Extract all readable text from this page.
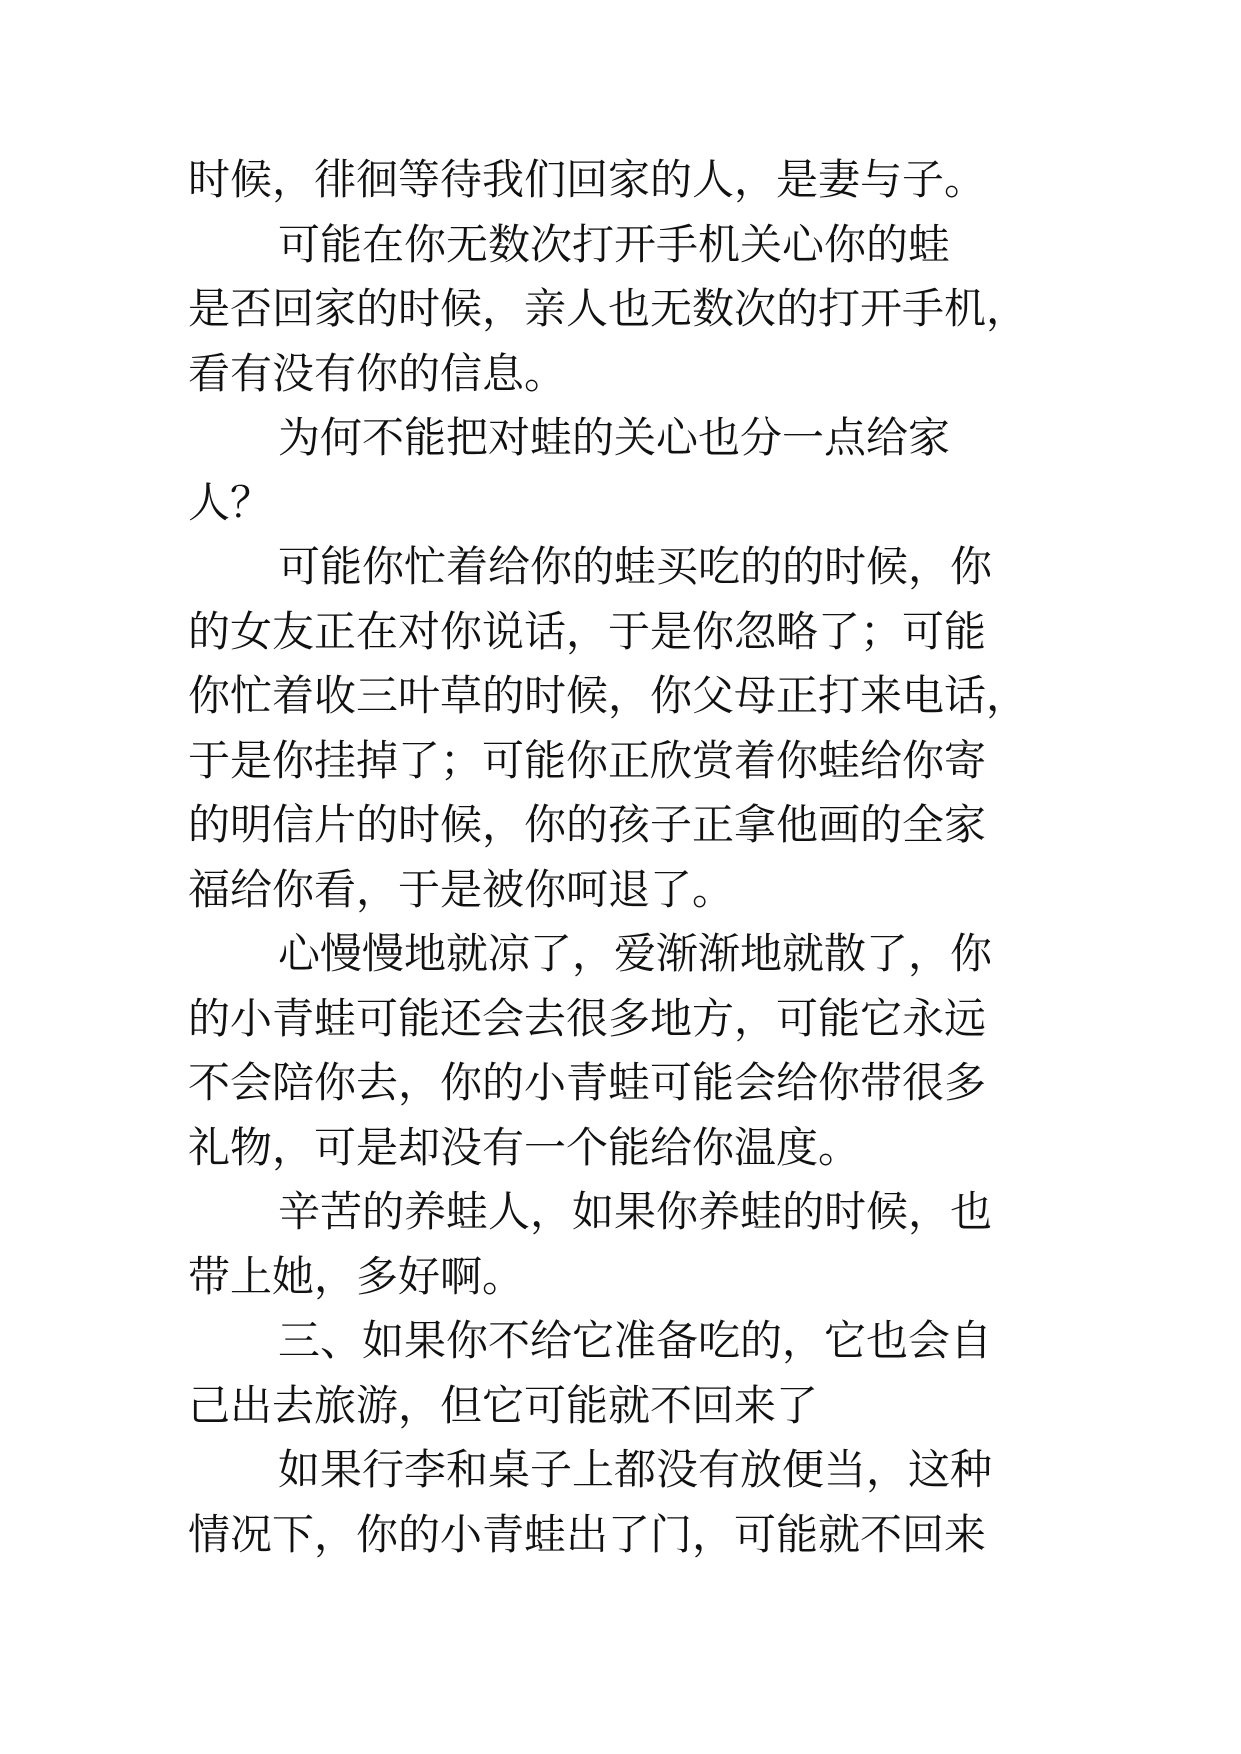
时候，徘徊等待我们回家的人，是妻与子。
可能在你无数次打开手机关心你的蛙
是否回家的时候，亲人也无数次的打开手机，
看有没有你的信息。
为何不能把对蛙的关心也分一点给家
人？
可能你忙着给你的蛙买吃的的时候，你
的女友正在对你说话，于是你忽略了；可能
你忙着收三叶草的时候，你父母正打来电话，
于是你挂掉了；可能你正欣赏着你蛙给你寄
的明信片的时候，你的孩子正拿他画的全家
福给你看，于是被你呵退了。
心慢慢地就凉了，爱渐渐地就散了，你
的小青蛙可能还会去很多地方，可能它永远
不会陪你去，你的小青蛙可能会给你带很多
礼物，可是却没有一个能给你温度。
辛苦的养蛙人，如果你养蛙的时候，也
带上她，多好啊。
三、如果你不给它准备吃的，它也会自
己出去旅游，但它可能就不回来了
如果行李和桌子上都没有放便当，这种
情况下，你的小青蛙出了门，可能就不回来
